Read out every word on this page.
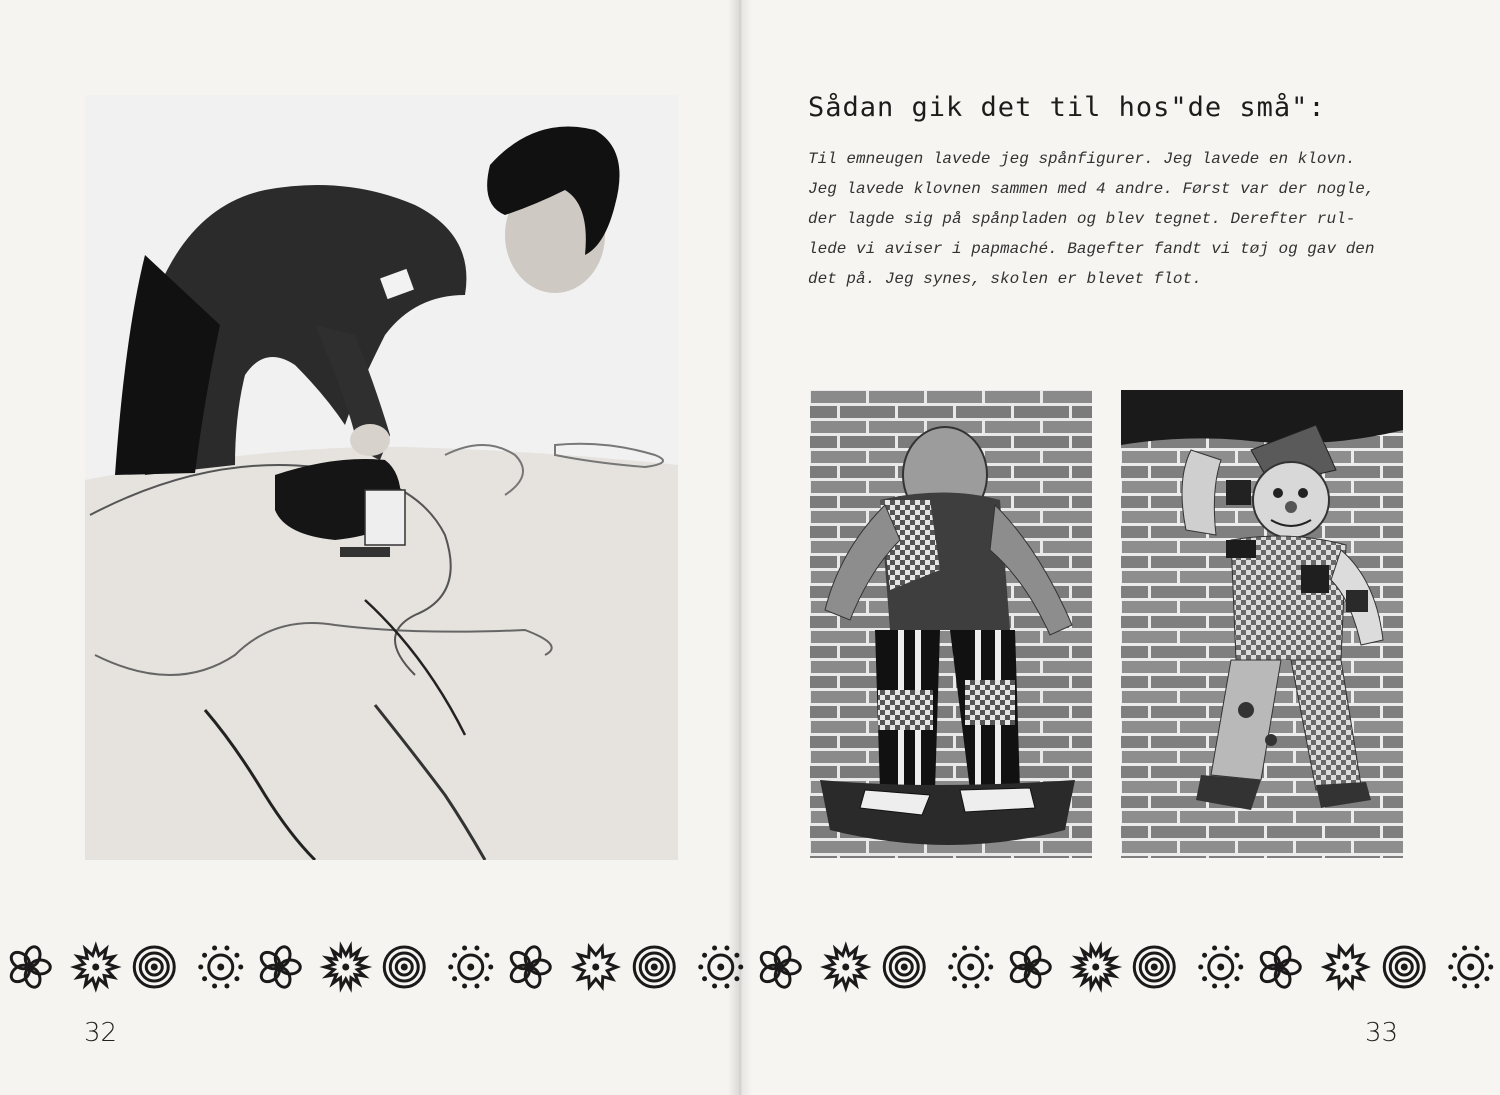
32
Sådan gik det til hos"de små":
Til emneugen lavede jeg spånfigurer. Jeg lavede en klovn.
Jeg lavede klovnen sammen med 4 andre. Først var der nogle,
der lagde sig på spånpladen og blev tegnet. Derefter rul-
lede vi aviser i papmaché. Bagefter fandt vi tøj og gav den
det på. Jeg synes, skolen er blevet flot.
33
